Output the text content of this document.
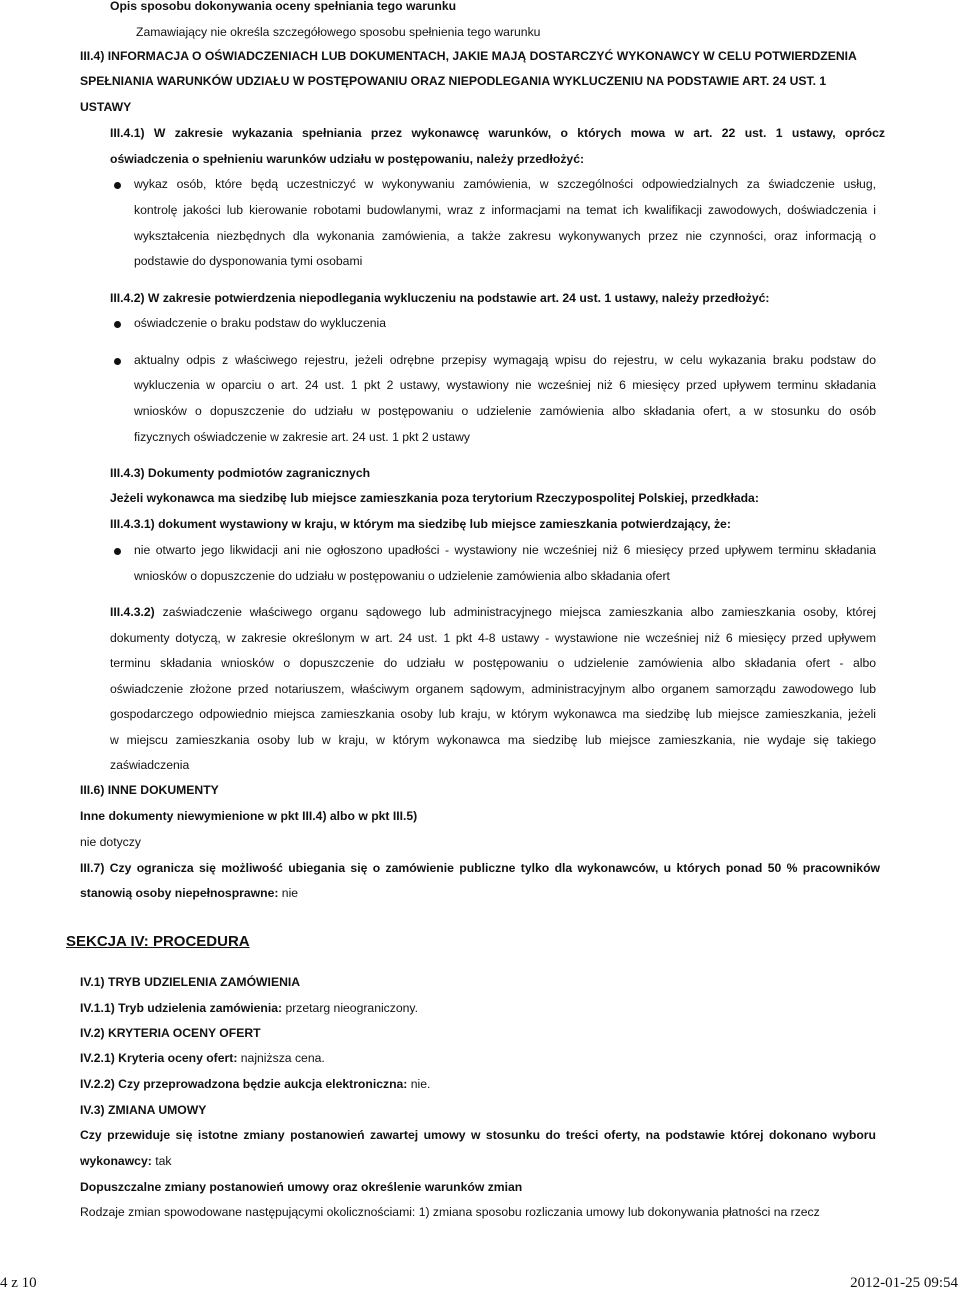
Opis sposobu dokonywania oceny spełniania tego warunku
Zamawiający nie określa szczegółowego sposobu spełnienia tego warunku
III.4) INFORMACJA O OŚWIADCZENIACH LUB DOKUMENTACH, JAKIE MAJĄ DOSTARCZYĆ WYKONAWCY W CELU POTWIERDZENIA
SPEŁNIANIA WARUNKÓW UDZIAŁU W POSTĘPOWANIU ORAZ NIEPODLEGANIA WYKLUCZENIU NA PODSTAWIE ART. 24 UST. 1
USTAWY
III.4.1) W zakresie wykazania spełniania przez wykonawcę warunków, o których mowa w art. 22 ust. 1 ustawy, oprócz
oświadczenia o spełnieniu warunków udziału w postępowaniu, należy przedłożyć:
wykaz osób, które będą uczestniczyć w wykonywaniu zamówienia, w szczególności odpowiedzialnych za świadczenie usług,
kontrolę jakości lub kierowanie robotami budowlanymi, wraz z informacjami na temat ich kwalifikacji zawodowych, doświadczenia i
wykształcenia niezbędnych dla wykonania zamówienia, a także zakresu wykonywanych przez nie czynności, oraz informacją o
podstawie do dysponowania tymi osobami
III.4.2) W zakresie potwierdzenia niepodlegania wykluczeniu na podstawie art. 24 ust. 1 ustawy, należy przedłożyć:
oświadczenie o braku podstaw do wykluczenia
aktualny odpis z właściwego rejestru, jeżeli odrębne przepisy wymagają wpisu do rejestru, w celu wykazania braku podstaw do
wykluczenia w oparciu o art. 24 ust. 1 pkt 2 ustawy, wystawiony nie wcześniej niż 6 miesięcy przed upływem terminu składania
wniosków o dopuszczenie do udziału w postępowaniu o udzielenie zamówienia albo składania ofert, a w stosunku do osób
fizycznych oświadczenie w zakresie art. 24 ust. 1 pkt 2 ustawy
III.4.3) Dokumenty podmiotów zagranicznych
Jeżeli wykonawca ma siedzibę lub miejsce zamieszkania poza terytorium Rzeczypospolitej Polskiej, przedkłada:
III.4.3.1) dokument wystawiony w kraju, w którym ma siedzibę lub miejsce zamieszkania potwierdzający, że:
nie otwarto jego likwidacji ani nie ogłoszono upadłości - wystawiony nie wcześniej niż 6 miesięcy przed upływem terminu składania
wniosków o dopuszczenie do udziału w postępowaniu o udzielenie zamówienia albo składania ofert
III.4.3.2) zaświadczenie właściwego organu sądowego lub administracyjnego miejsca zamieszkania albo zamieszkania osoby, której
dokumenty dotyczą, w zakresie określonym w art. 24 ust. 1 pkt 4-8 ustawy - wystawione nie wcześniej niż 6 miesięcy przed upływem
terminu składania wniosków o dopuszczenie do udziału w postępowaniu o udzielenie zamówienia albo składania ofert - albo
oświadczenie złożone przed notariuszem, właściwym organem sądowym, administracyjnym albo organem samorządu zawodowego lub
gospodarczego odpowiednio miejsca zamieszkania osoby lub kraju, w którym wykonawca ma siedzibę lub miejsce zamieszkania, jeżeli
w miejscu zamieszkania osoby lub w kraju, w którym wykonawca ma siedzibę lub miejsce zamieszkania, nie wydaje się takiego
zaświadczenia
III.6) INNE DOKUMENTY
Inne dokumenty niewymienione w pkt III.4) albo w pkt III.5)
nie dotyczy
III.7) Czy ogranicza się możliwość ubiegania się o zamówienie publiczne tylko dla wykonawców, u których ponad 50 % pracowników
stanowią osoby niepełnosprawne: nie
SEKCJA IV: PROCEDURA
IV.1) TRYB UDZIELENIA ZAMÓWIENIA
IV.1.1) Tryb udzielenia zamówienia: przetarg nieograniczony.
IV.2) KRYTERIA OCENY OFERT
IV.2.1) Kryteria oceny ofert: najniższa cena.
IV.2.2) Czy przeprowadzona będzie aukcja elektroniczna: nie.
IV.3) ZMIANA UMOWY
Czy przewiduje się istotne zmiany postanowień zawartej umowy w stosunku do treści oferty, na podstawie której dokonano wyboru
wykonawcy: tak
Dopuszczalne zmiany postanowień umowy oraz określenie warunków zmian
Rodzaje zmian spowodowane następującymi okolicznościami: 1) zmiana sposobu rozliczania umowy lub dokonywania płatności na rzecz
4 z 10	2012-01-25 09:54
